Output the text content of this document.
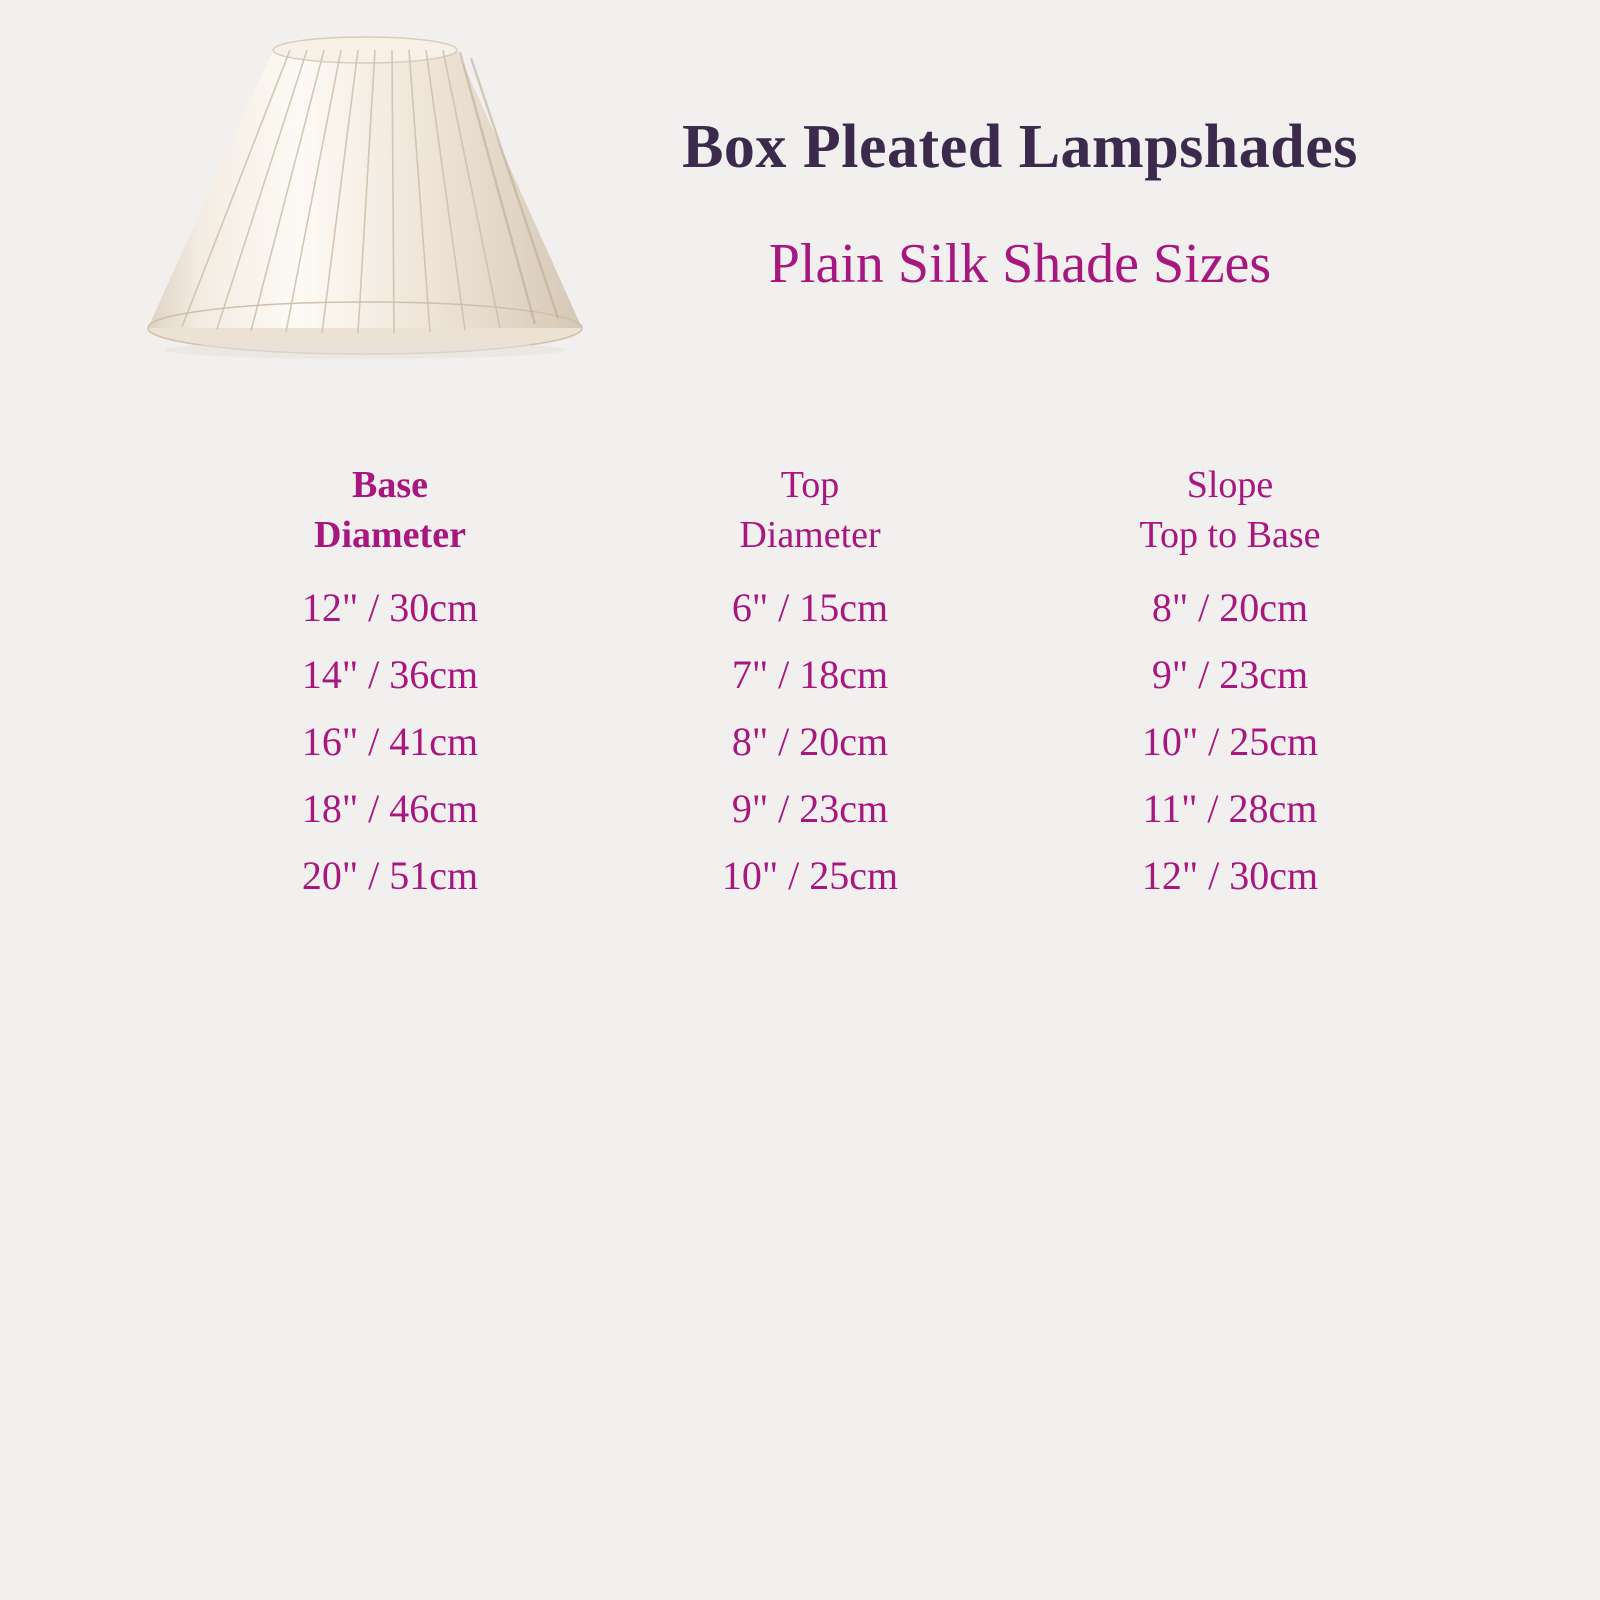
Box Pleated Lampshades
Plain Silk Shade Sizes
Base
Diameter
12" / 30cm
14" / 36cm
16" / 41cm
18" / 46cm
20" / 51cm
Top
Diameter
6" / 15cm
7" / 18cm
8" / 20cm
9" / 23cm
10" / 25cm
Slope
Top to Base
8" / 20cm
9" / 23cm
10" / 25cm
11" / 28cm
12" / 30cm
